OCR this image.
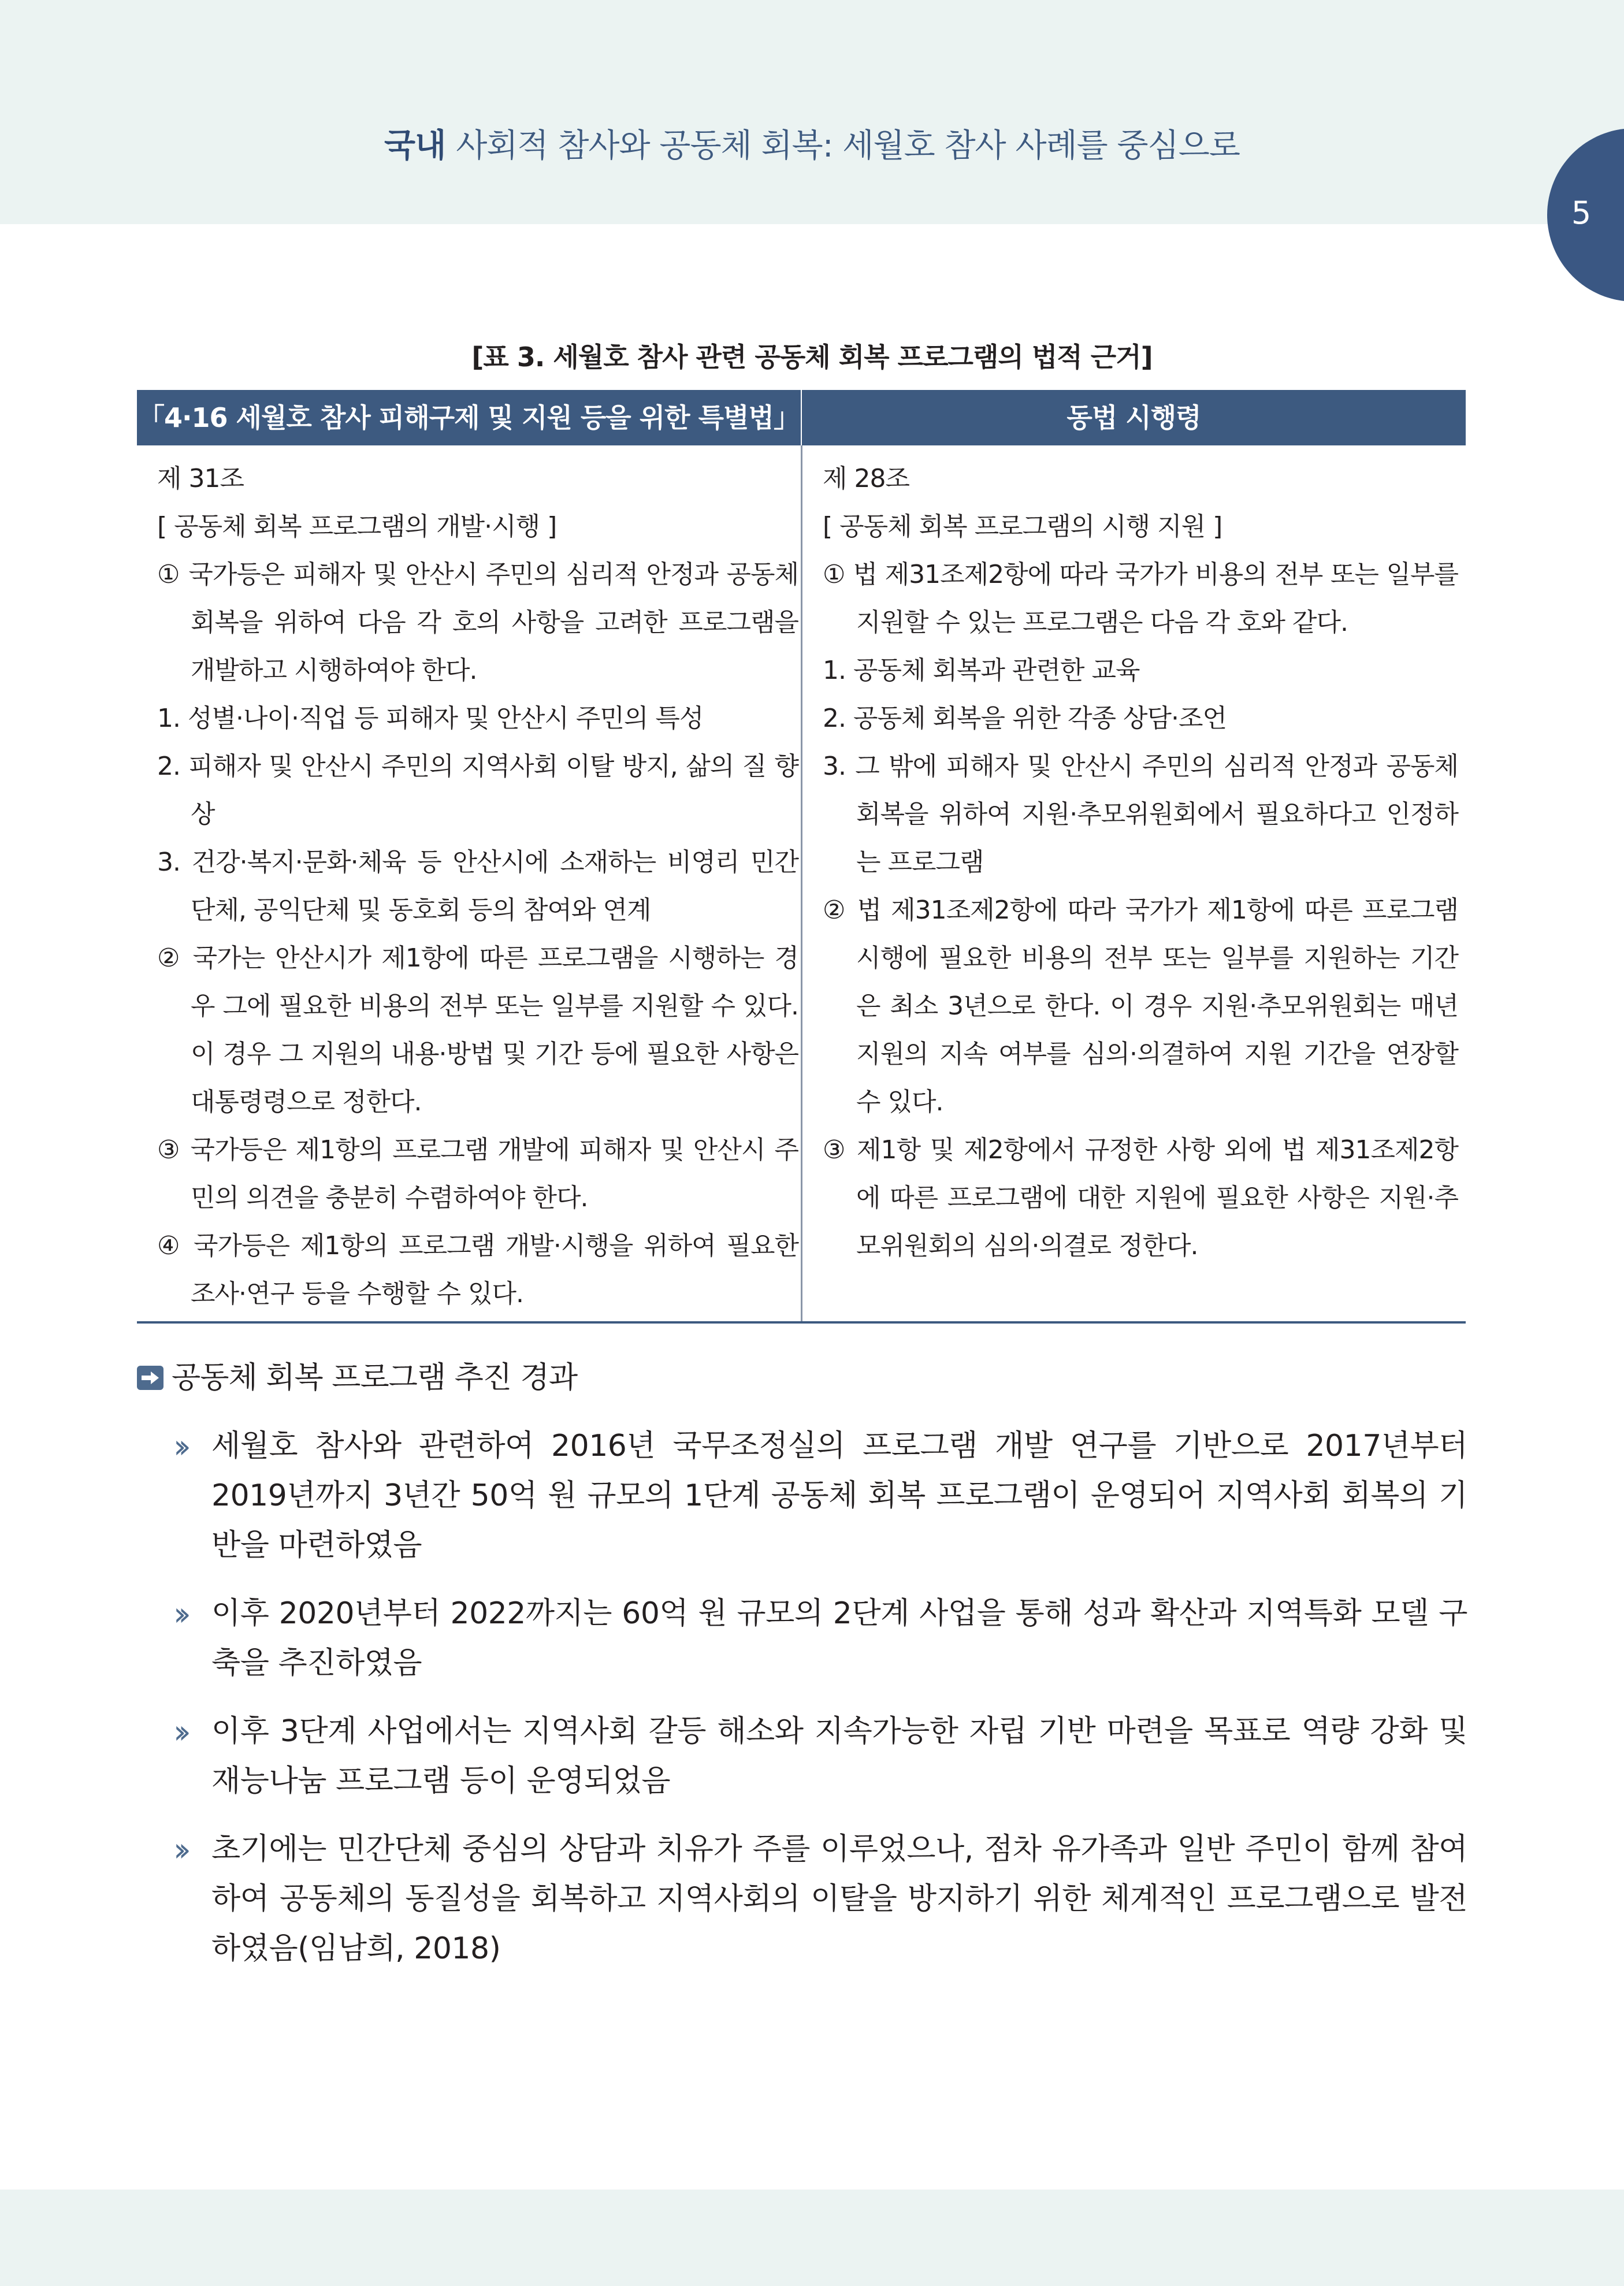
국내 사회적 참사와 공동체 회복: 세월호 참사 사례를 중심으로
5
[표 3. 세월호 참사 관련 공동체 회복 프로그램의 법적 근거]
「4·16 세월호 참사 피해구제 및 지원 등을 위한 특별법」	동법 시행령

제 31조

[ 공동체 회복 프로그램의 개발·시행 ]

① 국가등은 피해자 및 안산시 주민의 심리적 안정과 공동체 회복을 위하여 다음 각 호의 사항을 고려한 프로그램을 개발하고 시행하여야 한다.

1. 성별·나이·직업 등 피해자 및 안산시 주민의 특성

2. 피해자 및 안산시 주민의 지역사회 이탈 방지, 삶의 질 향상

3. 건강·복지·문화·체육 등 안산시에 소재하는 비영리 민간단체, 공익단체 및 동호회 등의 참여와 연계

② 국가는 안산시가 제1항에 따른 프로그램을 시행하는 경우 그에 필요한 비용의 전부 또는 일부를 지원할 수 있다. 이 경우 그 지원의 내용·방법 및 기간 등에 필요한 사항은 대통령령으로 정한다.

③ 국가등은 제1항의 프로그램 개발에 피해자 및 안산시 주민의 의견을 충분히 수렴하여야 한다.

④ 국가등은 제1항의 프로그램 개발·시행을 위하여 필요한 조사·연구 등을 수행할 수 있다.

제 28조

[ 공동체 회복 프로그램의 시행 지원 ]

① 법 제31조제2항에 따라 국가가 비용의 전부 또는 일부를 지원할 수 있는 프로그램은 다음 각 호와 같다.

1. 공동체 회복과 관련한 교육

2. 공동체 회복을 위한 각종 상담·조언

3. 그 밖에 피해자 및 안산시 주민의 심리적 안정과 공동체 회복을 위하여 지원·추모위원회에서 필요하다고 인정하는 프로그램

② 법 제31조제2항에 따라 국가가 제1항에 따른 프로그램 시행에 필요한 비용의 전부 또는 일부를 지원하는 기간은 최소 3년으로 한다. 이 경우 지원·추모위원회는 매년 지원의 지속 여부를 심의·의결하여 지원 기간을 연장할 수 있다.

③ 제1항 및 제2항에서 규정한 사항 외에 법 제31조제2항에 따른 프로그램에 대한 지원에 필요한 사항은 지원·추모위원회의 심의·의결로 정한다.

공동체 회복 프로그램 추진 경과
›› 세월호 참사와 관련하여 2016년 국무조정실의 프로그램 개발 연구를 기반으로 2017년부터 2019년까지 3년간 50억 원 규모의 1단계 공동체 회복 프로그램이 운영되어 지역사회 회복의 기반을 마련하였음
›› 이후 2020년부터 2022까지는 60억 원 규모의 2단계 사업을 통해 성과 확산과 지역특화 모델 구축을 추진하였음
›› 이후 3단계 사업에서는 지역사회 갈등 해소와 지속가능한 자립 기반 마련을 목표로 역량 강화 및 재능나눔 프로그램 등이 운영되었음
›› 초기에는 민간단체 중심의 상담과 치유가 주를 이루었으나, 점차 유가족과 일반 주민이 함께 참여하여 공동체의 동질성을 회복하고 지역사회의 이탈을 방지하기 위한 체계적인 프로그램으로 발전하였음(임남희, 2018)
